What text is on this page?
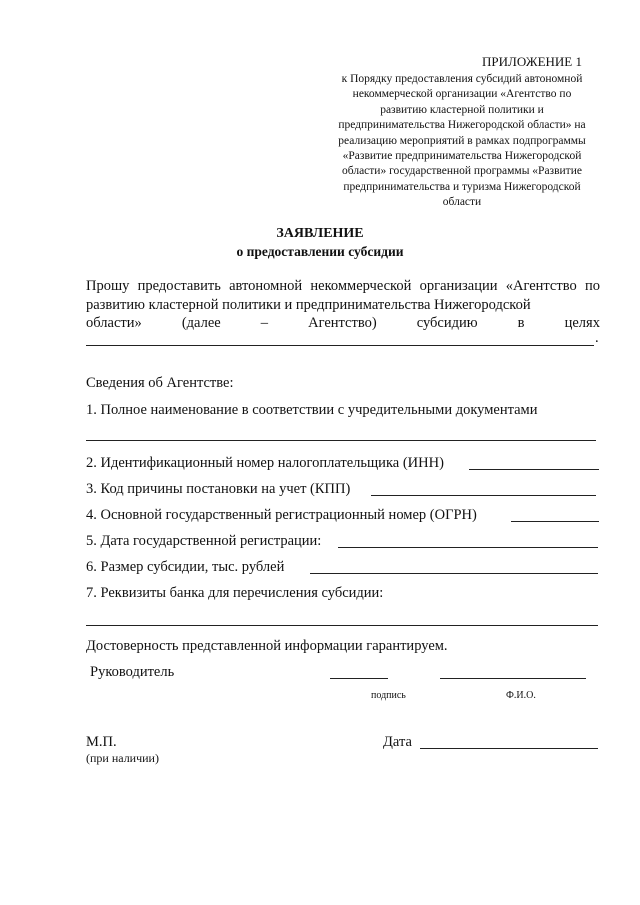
ПРИЛОЖЕНИЕ 1
к Порядку предоставления субсидий автономной
некоммерческой организации «Агентство по
развитию кластерной политики и
предпринимательства Нижегородской области» на
реализацию мероприятий в рамках подпрограммы
«Развитие предпринимательства Нижегородской
области» государственной программы «Развитие
предпринимательства и туризма Нижегородской
области
ЗАЯВЛЕНИЕ
о предоставлении субсидии
Прошу предоставить автономной некоммерческой организации «Агентство по развитию кластерной политики и предпринимательства Нижегородской
области»	(далее	–	Агентство)	субсидию	в	целях
.
Сведения об Агентстве:
1. Полное наименование в соответствии с учредительными документами
2. Идентификационный номер налогоплательщика (ИНН)
3. Код причины постановки на учет (КПП)
4. Основной государственный регистрационный номер (ОГРН)
5. Дата государственной регистрации:
6. Размер субсидии, тыс. рублей
7. Реквизиты банка для перечисления субсидии:
Достоверность представленной информации гарантируем.
Руководитель
подпись	Ф.И.О.
М.П.
(при наличии)
Дата
